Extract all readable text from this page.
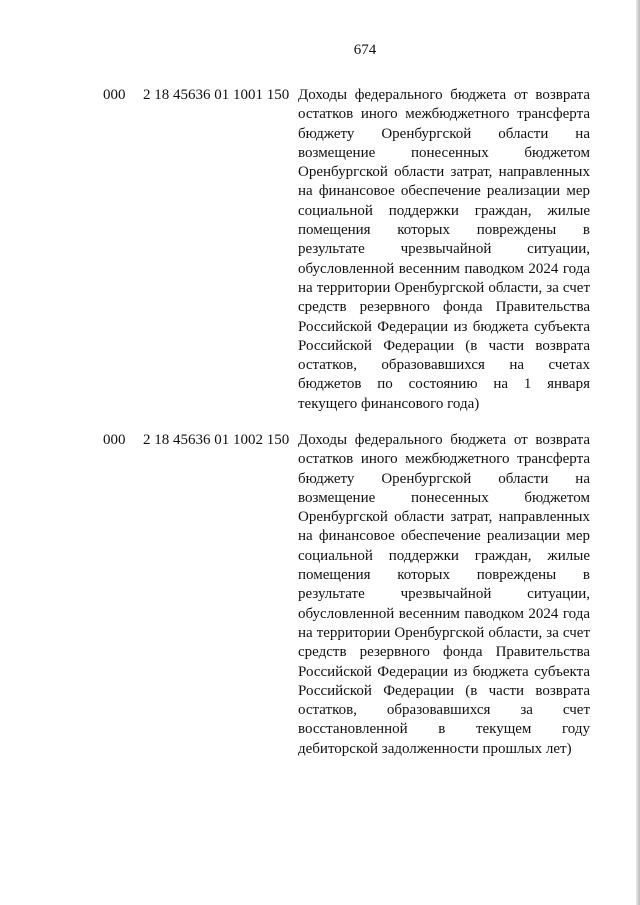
674
000 2 18 45636 01 1001 150 Доходы федерального бюджета от возврата остатков иного межбюджетного трансферта бюджету Оренбургской области на возмещение понесенных бюджетом Оренбургской области затрат, направленных на финансовое обеспечение реализации мер социальной поддержки граждан, жилые помещения которых повреждены в результате чрезвычайной ситуации, обусловленной весенним паводком 2024 года на территории Оренбургской области, за счет средств резервного фонда Правительства Российской Федерации из бюджета субъекта Российской Федерации (в части возврата остатков, образовавшихся на счетах бюджетов по состоянию на 1 января текущего финансового года)

000 2 18 45636 01 1002 150 Доходы федерального бюджета от возврата остатков иного межбюджетного трансферта бюджету Оренбургской области на возмещение понесенных бюджетом Оренбургской области затрат, направленных на финансовое обеспечение реализации мер социальной поддержки граждан, жилые помещения которых повреждены в результате чрезвычайной ситуации, обусловленной весенним паводком 2024 года на территории Оренбургской области, за счет средств резервного фонда Правительства Российской Федерации из бюджета субъекта Российской Федерации (в части возврата остатков, образовавшихся за счет восстановленной в текущем году дебиторской задолженности прошлых лет)
